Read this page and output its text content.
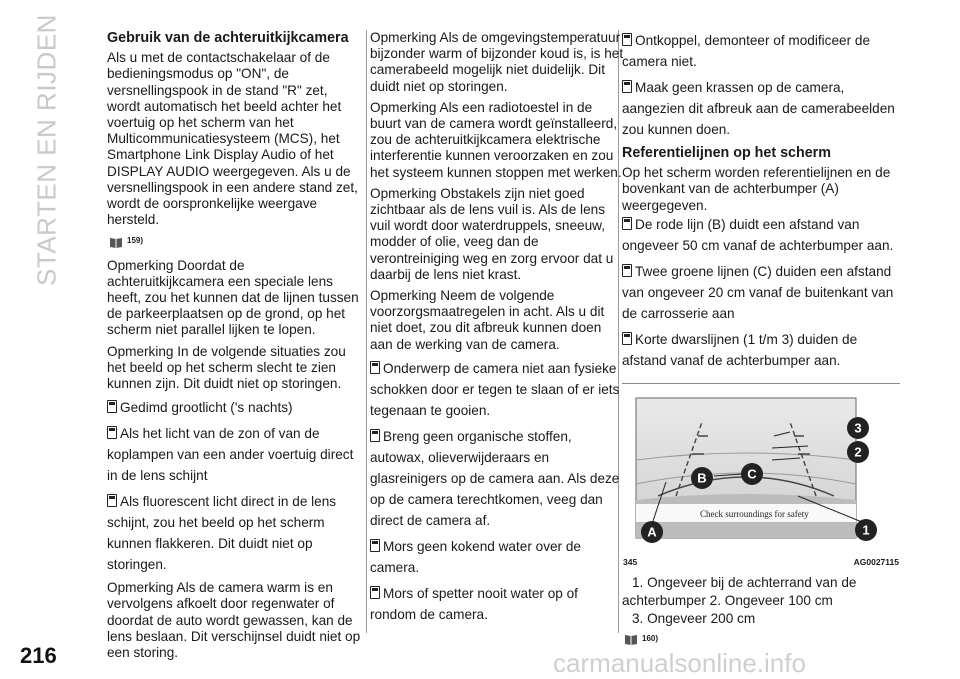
STARTEN EN RIJDEN	Gebruik van de achteruitkijkcamera

Als u met de contactschakelaar of de bedieningsmodus op "ON", de versnellingspook in de stand "R" zet, wordt automatisch het beeld achter het voertuig op het scherm van het Multicommunicatiesysteem (MCS), het Smartphone Link Display Audio of het DISPLAY AUDIO weergegeven. Als u de versnellingspook in een andere stand zet, wordt de oorspronkelijke weergave hersteld.

159)

Opmerking Doordat de achteruitkijkcamera een speciale lens heeft, zou het kunnen dat de lijnen tussen de parkeerplaatsen op de grond, op het scherm niet parallel lijken te lopen.

Opmerking In de volgende situaties zou het beeld op het scherm slecht te zien kunnen zijn. Dit duidt niet op storingen.

Gedimd grootlicht ('s nachts)
Als het licht van de zon of van de koplampen van een ander voertuig direct in de lens schijnt
Als fluorescent licht direct in de lens schijnt, zou het beeld op het scherm kunnen flakkeren. Dit duidt niet op storingen.

Opmerking Als de camera warm is en vervolgens afkoelt door regenwater of doordat de auto wordt gewassen, kan de lens beslaan. Dit verschijnsel duidt niet op een storing.

Opmerking Als de omgevingstemperatuur bijzonder warm of bijzonder koud is, is het camerabeeld mogelijk niet duidelijk. Dit duidt niet op storingen.

Opmerking Als een radiotoestel in de buurt van de camera wordt geïnstalleerd, zou de achteruitkijkcamera elektrische interferentie kunnen veroorzaken en zou het systeem kunnen stoppen met werken.

Opmerking Obstakels zijn niet goed zichtbaar als de lens vuil is. Als de lens vuil wordt door waterdruppels, sneeuw, modder of olie, veeg dan de verontreiniging weg en zorg ervoor dat u daarbij de lens niet krast.

Opmerking Neem de volgende voorzorgsmaatregelen in acht. Als u dit niet doet, zou dit afbreuk kunnen doen aan de werking van de camera.

Onderwerp de camera niet aan fysieke schokken door er tegen te slaan of er iets tegenaan te gooien.
Breng geen organische stoffen, autowax, olieverwijderaars en glasreinigers op de camera aan. Als deze op de camera terechtkomen, veeg dan direct de camera af.
Mors geen kokend water over de camera.
Mors of spetter nooit water op of rondom de camera.
Ontkoppel, demonteer of modificeer de camera niet.
Maak geen krassen op de camera, aangezien dit afbreuk aan de camerabeelden zou kunnen doen.
Referentielijnen op het scherm

Op het scherm worden referentielijnen en de bovenkant van de achterbumper (A) weergegeven.

De rode lijn (B) duidt een afstand van ongeveer 50 cm vanaf de achterbumper aan.
Twee groene lijnen (C) duiden een afstand van ongeveer 20 cm vanaf de buitenkant van de carrosserie aan
Korte dwarslijnen (1 t/m 3) duiden de afstand vanaf de achterbumper aan.
Check surroundings for safety
B	C
3
2
A	1
345	AG0027115

1. Ongeveer bij de achterrand van de
achterbumper 2. Ongeveer 100 cm
3. Ongeveer 200 cm

160)
216	carmanualsonline.info
